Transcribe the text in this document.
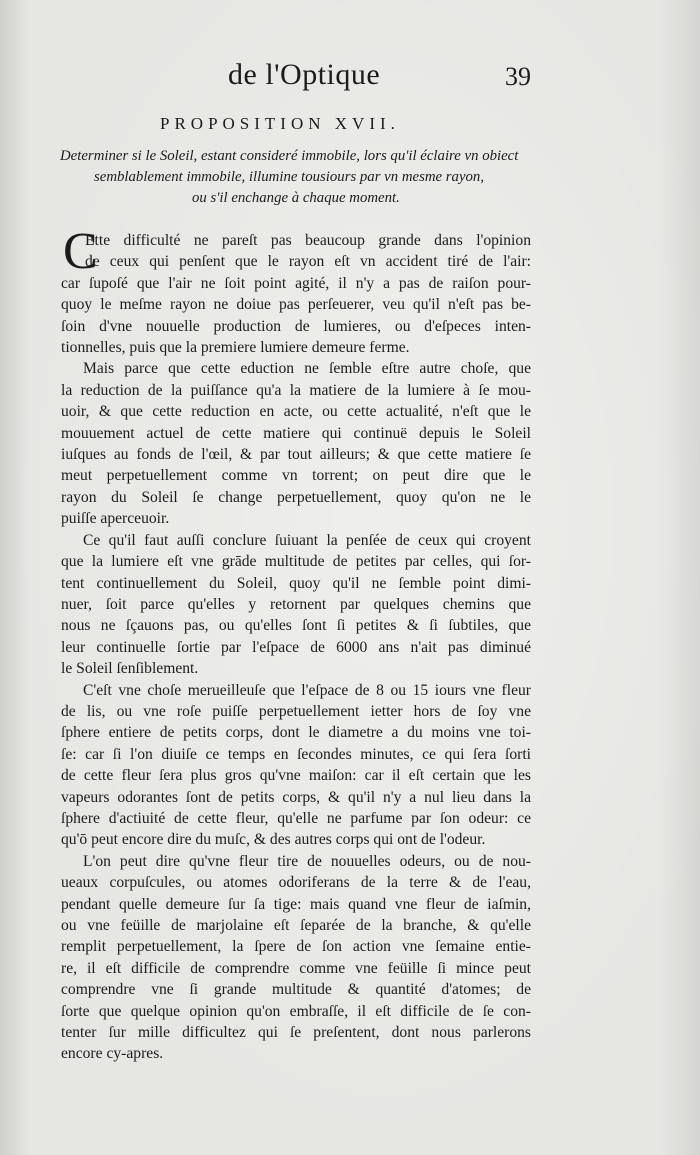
de l'Optique	39
PROPOSITION XVII.
Determiner si le Soleil, estant consideré immobile, lors qu'il éclaire vn obiect
semblablement immobile, illumine tousiours par vn mesme rayon,
ou s'il enchange à chaque moment.
C
Ette difficulté ne pareſt pas beaucoup grande dans l'opinion
de ceux qui penſent que le rayon eſt vn accident tiré de l'air:
car ſupoſé que l'air ne ſoit point agité, il n'y a pas de raiſon pour-
quoy le meſme rayon ne doiue pas perſeuerer, veu qu'il n'eſt pas be-
ſoin d'vne nouuelle production de lumieres, ou d'eſpeces inten-
tionnelles, puis que la premiere lumiere demeure ferme.
Mais parce que cette eduction ne ſemble eſtre autre choſe, que
la reduction de la puiſſance qu'a la matiere de la lumiere à ſe mou-
uoir, & que cette reduction en acte, ou cette actualité, n'eſt que le
mouuement actuel de cette matiere qui continuë depuis le Soleil
iuſques au fonds de l'œil, & par tout ailleurs; & que cette matiere ſe
meut perpetuellement comme vn torrent; on peut dire que le
rayon du Soleil ſe change perpetuellement, quoy qu'on ne le
puiſſe aperceuoir.
Ce qu'il faut auſſi conclure ſuiuant la penſée de ceux qui croyent
que la lumiere eſt vne grāde multitude de petites par celles, qui ſor-
tent continuellement du Soleil, quoy qu'il ne ſemble point dimi-
nuer, ſoit parce qu'elles y retornent par quelques chemins que
nous ne ſçauons pas, ou qu'elles ſont ſi petites & ſi ſubtiles, que
leur continuelle ſortie par l'eſpace de 6000 ans n'ait pas diminué
le Soleil ſenſiblement.
C'eſt vne choſe merueilleuſe que l'eſpace de 8 ou 15 iours vne fleur
de lis, ou vne roſe puiſſe perpetuellement ietter hors de ſoy vne
ſphere entiere de petits corps, dont le diametre a du moins vne toi-
ſe: car ſi l'on diuiſe ce temps en ſecondes minutes, ce qui ſera ſorti
de cette fleur ſera plus gros qu'vne maiſon: car il eſt certain que les
vapeurs odorantes ſont de petits corps, & qu'il n'y a nul lieu dans la
ſphere d'actiuité de cette fleur, qu'elle ne parfume par ſon odeur: ce
qu'ō peut encore dire du muſc, & des autres corps qui ont de l'odeur.
L'on peut dire qu'vne fleur tire de nouuelles odeurs, ou de nou-
ueaux corpuſcules, ou atomes odoriferans de la terre & de l'eau,
pendant quelle demeure ſur ſa tige: mais quand vne fleur de iaſmin,
ou vne feüille de marjolaine eſt ſeparée de la branche, & qu'elle
remplit perpetuellement, la ſpere de ſon action vne ſemaine entie-
re, il eſt difficile de comprendre comme vne feüille ſi mince peut
comprendre vne ſi grande multitude & quantité d'atomes; de
ſorte que quelque opinion qu'on embraſſe, il eſt difficile de ſe con-
tenter ſur mille difficultez qui ſe preſentent, dont nous parlerons
encore cy-apres.
